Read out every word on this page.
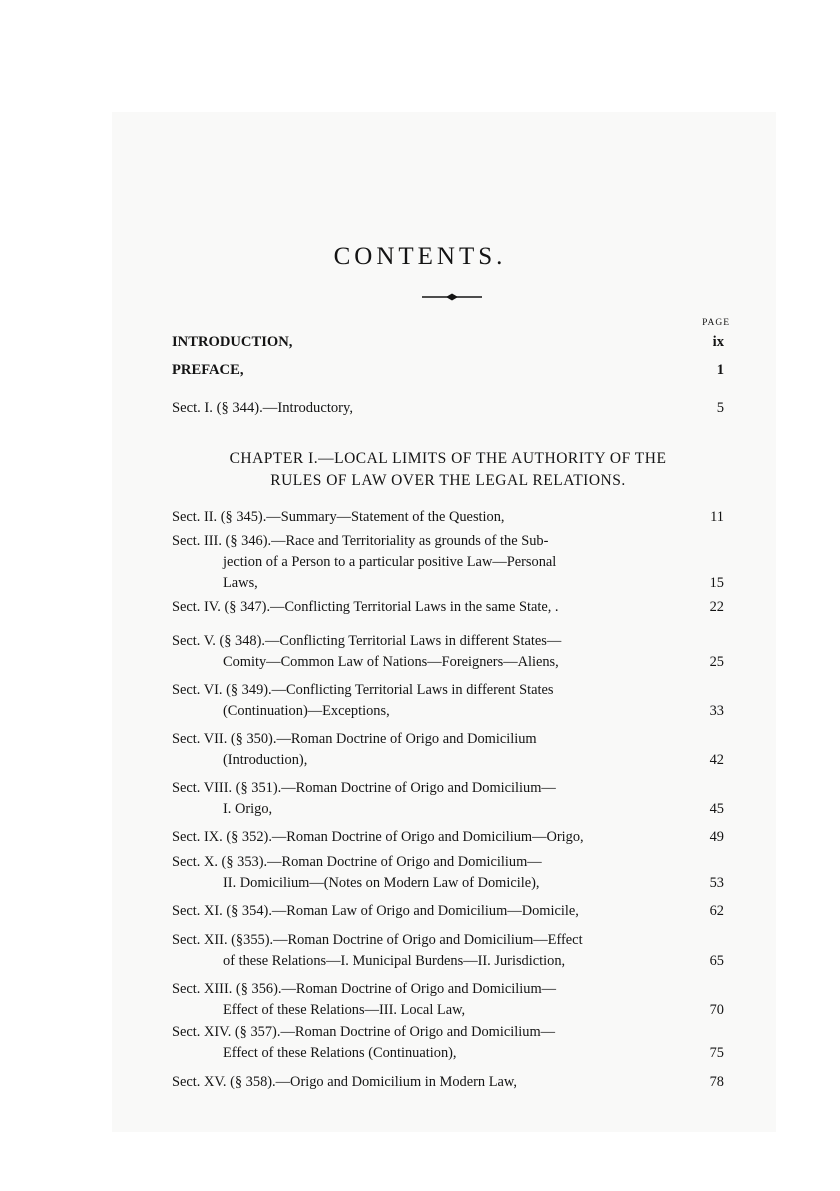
CONTENTS.
PAGE
INTRODUCTION,	ix
PREFACE,	1
Sect. I. (§ 344).—Introductory,	5
CHAPTER I.—LOCAL LIMITS OF THE AUTHORITY OF THE
RULES OF LAW OVER THE LEGAL RELATIONS.
Sect. II. (§ 345).—Summary—Statement of the Question,	11
Sect. III. (§ 346).—Race and Territoriality as grounds of the Sub-
jection of a Person to a particular positive Law—Personal
Laws,	15
Sect. IV. (§ 347).—Conflicting Territorial Laws in the same State, .	22
Sect. V. (§ 348).—Conflicting Territorial Laws in different States—
Comity—Common Law of Nations—Foreigners—Aliens,	25
Sect. VI. (§ 349).—Conflicting Territorial Laws in different States
(Continuation)—Exceptions,	33
Sect. VII. (§ 350).—Roman Doctrine of Origo and Domicilium
(Introduction),	42
Sect. VIII. (§ 351).—Roman Doctrine of Origo and Domicilium—
I. Origo,	45
Sect. IX. (§ 352).—Roman Doctrine of Origo and Domicilium—Origo,	49
Sect. X. (§ 353).—Roman Doctrine of Origo and Domicilium—
II. Domicilium—(Notes on Modern Law of Domicile),	53
Sect. XI. (§ 354).—Roman Law of Origo and Domicilium—Domicile,	62
Sect. XII. (§355).—Roman Doctrine of Origo and Domicilium—Effect
of these Relations—I. Municipal Burdens—II. Jurisdiction,	65
Sect. XIII. (§ 356).—Roman Doctrine of Origo and Domicilium—
Effect of these Relations—III. Local Law,	70
Sect. XIV. (§ 357).—Roman Doctrine of Origo and Domicilium—
Effect of these Relations (Continuation),	75
Sect. XV. (§ 358).—Origo and Domicilium in Modern Law,	78
